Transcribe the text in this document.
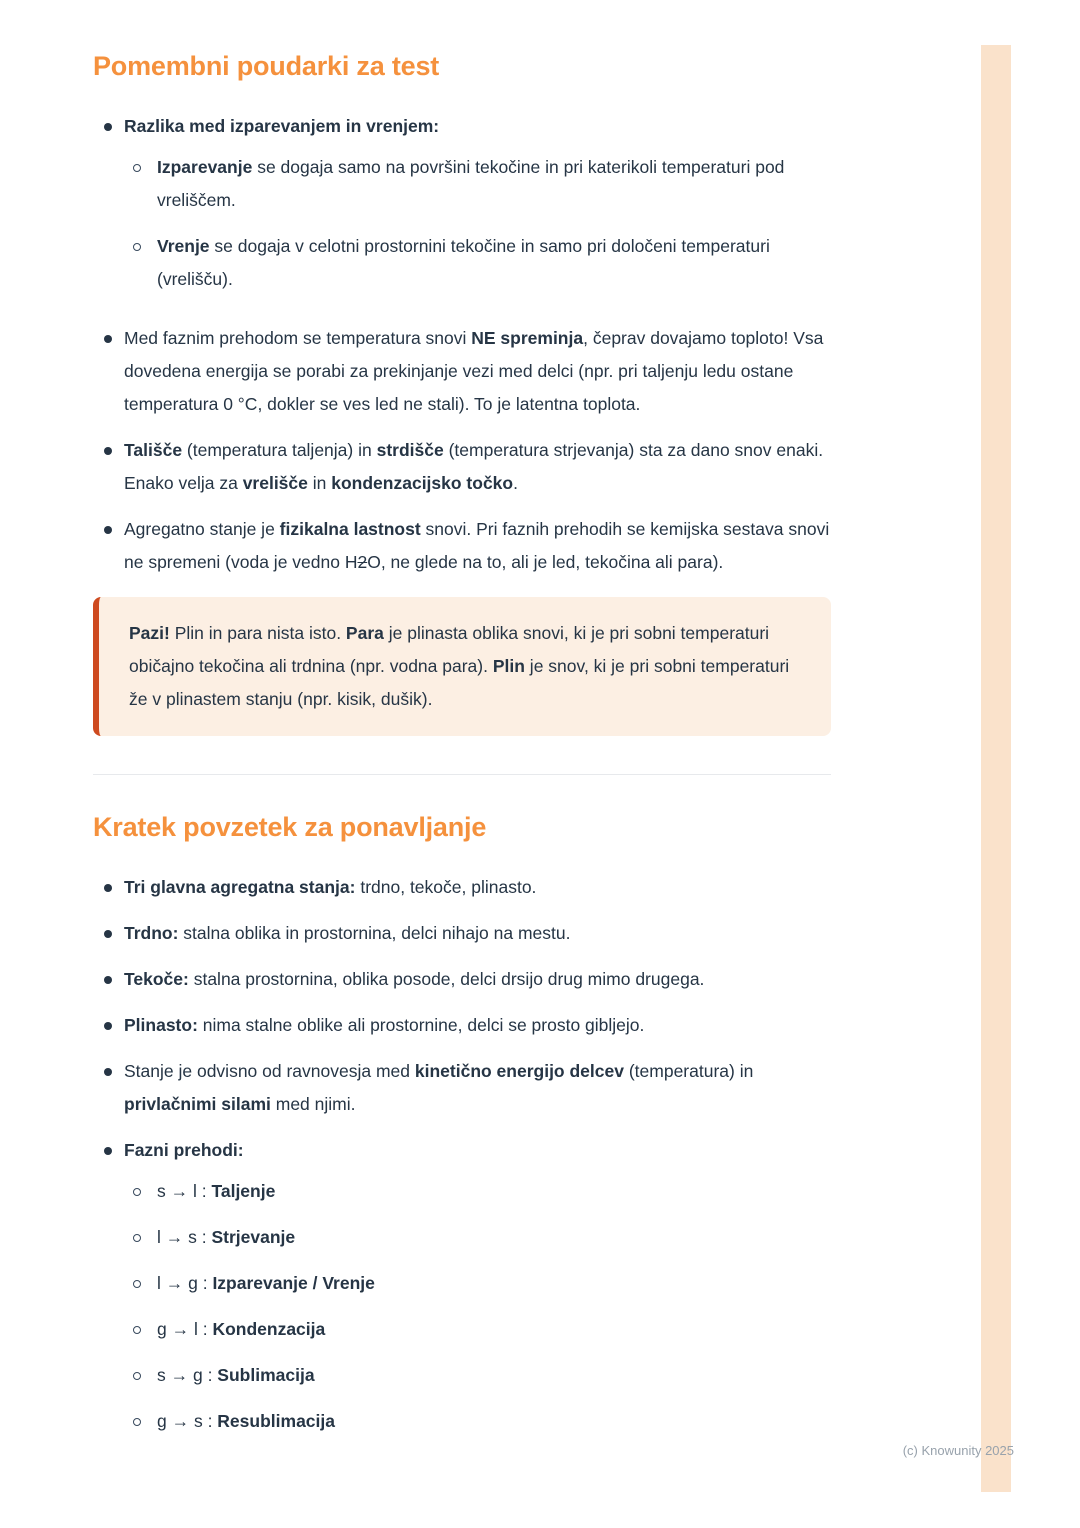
Pomembni poudarki za test

Razlika med izparevanjem in vrenjem:

Izparevanje se dogaja samo na površini tekočine in pri katerikoli temperaturi pod vreliščem.

Vrenje se dogaja v celotni prostornini tekočine in samo pri določeni temperaturi (vrelišču).

Med faznim prehodom se temperatura snovi NE spreminja, čeprav dovajamo toploto! Vsa dovedena energija se porabi za prekinjanje vezi med delci (npr. pri taljenju ledu ostane temperatura 0 °C, dokler se ves led ne stali). To je latentna toplota.

Tališče (temperatura taljenja) in strdišče (temperatura strjevanja) sta za dano snov enaki. Enako velja za vrelišče in kondenzacijsko točko.

Agregatno stanje je fizikalna lastnost snovi. Pri faznih prehodih se kemijska sestava snovi ne spremeni (voda je vedno H2O, ne glede na to, ali je led, tekočina ali para).

Pazi! Plin in para nista isto. Para je plinasta oblika snovi, ki je pri sobni temperaturi običajno tekočina ali trdnina (npr. vodna para). Plin je snov, ki je pri sobni temperaturi že v plinastem stanju (npr. kisik, dušik).

Kratek povzetek za ponavljanje

Tri glavna agregatna stanja: trdno, tekoče, plinasto.

Trdno: stalna oblika in prostornina, delci nihajo na mestu.

Tekoče: stalna prostornina, oblika posode, delci drsijo drug mimo drugega.

Plinasto: nima stalne oblike ali prostornine, delci se prosto gibljejo.

Stanje je odvisno od ravnovesja med kinetično energijo delcev (temperatura) in privlačnimi silami med njimi.

Fazni prehodi:

s → l : Taljenje

l → s : Strjevanje

l → g : Izparevanje / Vrenje

g → l : Kondenzacija

s → g : Sublimacija

g → s : Resublimacija

(c) Knowunity 2025
